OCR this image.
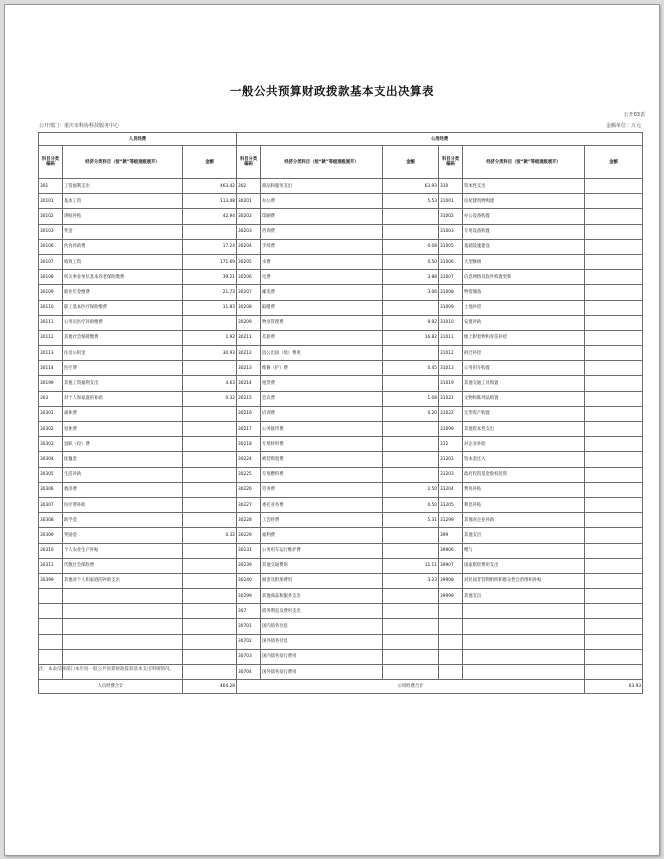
一般公共预算财政拨款基本支出决算表
公开03表
公开部门：重庆市科协科技服务中心	金额单位：万元
人员经费			公用经费					
科目分类编码	经济分类科目（按“款”等级逐级展开）	金额	科目分类编码	经济分类科目（按“款”等级逐级展开）	金额	科目分类编码	经济分类科目（按“款”等级逐级展开）	金额
301	工资福利支出	463.42	302	商品和服务支出	63.93	310	资本性支出	
30101	基本工资	113.48	30201	办公费	5.53	31001	房屋建筑物购建	
30102	津贴补贴	42.94	30202	印刷费		31002	办公设备购置	
30103	奖金		30203	咨询费		31003	专用设备购置	
30106	伙食补助费	17.24	30204	手续费	0.08	31005	基础设施建设	
30107	绩效工资	171.69	30205	水费	0.50	31006	大型修缮	
30108	机关事业单位基本养老保险缴费	39.21	30206	电费	3.88	31007	信息网络及软件购置更新	
30109	职业年金缴费	21.73	30207	邮电费	3.06	31008	物资储备	
30110	职工基本医疗保险缴费	11.83	30208	取暖费		31009	土地补偿	
30111	公务员医疗补助缴费		30209	物业管理费	9.92	31010	安置补助	
30112	其他社会保障缴费	1.92	30211	差旅费	16.82	31011	地上附着物和青苗补偿	
30113	住房公积金	30.93	30212	因公出国（境）费用		31012	拆迁补偿	
30114	医疗费		30213	维修（护）费	0.45	31013	公务用车购置	
30199	其他工资福利支出	4.63	30214	租赁费		31019	其他交通工具购置	
303	对个人和家庭的补助	0.32	30215	会议费	1.08	31021	文物和陈列品购置	
30301	离休费		30216	培训费	0.20	31022	无形资产购置	
30302	退休费		30217	公务接待费		31099	其他资本性支出	
30303	退职（役）费		30218	专用材料费		312	对企业补助	
30304	抚恤金		30224	被装购置费		31201	资本金注入	
30305	生活补助		30225	专用燃料费		31203	政府投资基金股权投资	
30306	救济费		30226	劳务费	2.50	31204	费用补贴	
30307	医疗费补助		30227	委托业务费	0.50	31205	利息补贴	
30308	助学金		30228	工会经费	5.31	31299	其他对企业补助	
30309	奖励金	0.32	30229	福利费		399	其他支出	
30310	个人农业生产补贴		30231	公务用车运行维护费		39906	赠与	
30311	代缴社会保险费		30239	其他交通费用	11.11	39907	国家赔偿费用支出	
30399	其他对个人和家庭的补助支出		30240	税金及附加费用	3.23	39908	对民间非营利组织和群众性自治组织补贴	
			30299	其他商品和服务支出		39999	其他支出	
			307	债务利息及费用支出				
			30701	国内债务付息				
			30702	国外债务付息				
			30703	国内债务发行费用				
			30704	国外债务发行费用				
人员经费合计		464.28	公用经费合计					63.93
注：本表反映部门本年度一般公共预算财政拨款基本支出明细情况。
